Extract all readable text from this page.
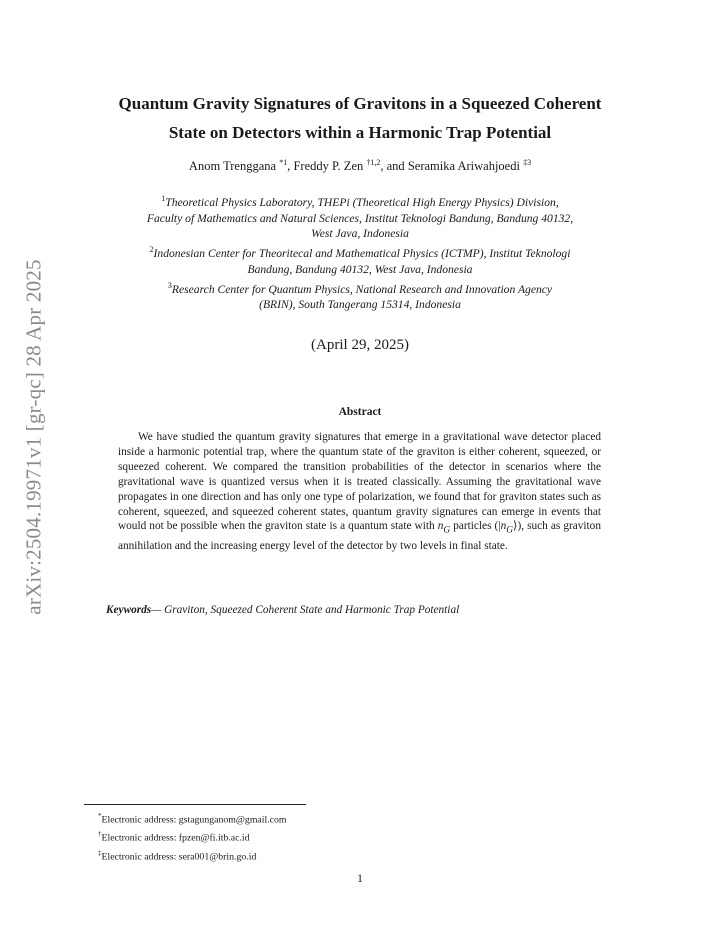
arXiv:2504.19971v1 [gr-qc] 28 Apr 2025
Quantum Gravity Signatures of Gravitons in a Squeezed Coherent
State on Detectors within a Harmonic Trap Potential
Anom Trenggana $^{*1}$, Freddy P. Zen $^{\dagger 1,2}$, and Seramika Ariwahjoedi $^{\ddagger 3}$
$^1$Theoretical Physics Laboratory, THEPi (Theoretical High Energy Physics) Division,
Faculty of Mathematics and Natural Sciences, Institut Teknologi Bandung, Bandung 40132,
West Java, Indonesia
$^2$Indonesian Center for Theoritecal and Mathematical Physics (ICTMP), Institut Teknologi
Bandung, Bandung 40132, West Java, Indonesia
$^3$Research Center for Quantum Physics, National Research and Innovation Agency
(BRIN), South Tangerang 15314, Indonesia
(April 29, 2025)
Abstract
We have studied the quantum gravity signatures that emerge in a gravitational wave detector placed inside a harmonic potential trap, where the quantum state of the graviton is either coherent, squeezed, or squeezed coherent. We compared the transition probabilities of the detector in scenarios where the gravitational wave is quantized versus when it is treated classically. Assuming the gravitational wave propagates in one direction and has only one type of polarization, we found that for graviton states such as coherent, squeezed, and squeezed coherent states, quantum gravity signatures can emerge in events that would not be possible when the graviton state is a quantum state with $n_G$ particles $(|n_G⟩)$, such as graviton annihilation and the increasing energy level of the detector by two levels in final state.
Keywords— Graviton, Squeezed Coherent State and Harmonic Trap Potential
*Electronic address: gstagunganom@gmail.com
†Electronic address: fpzen@fi.itb.ac.id
‡Electronic address: sera001@brin.go.id
1
